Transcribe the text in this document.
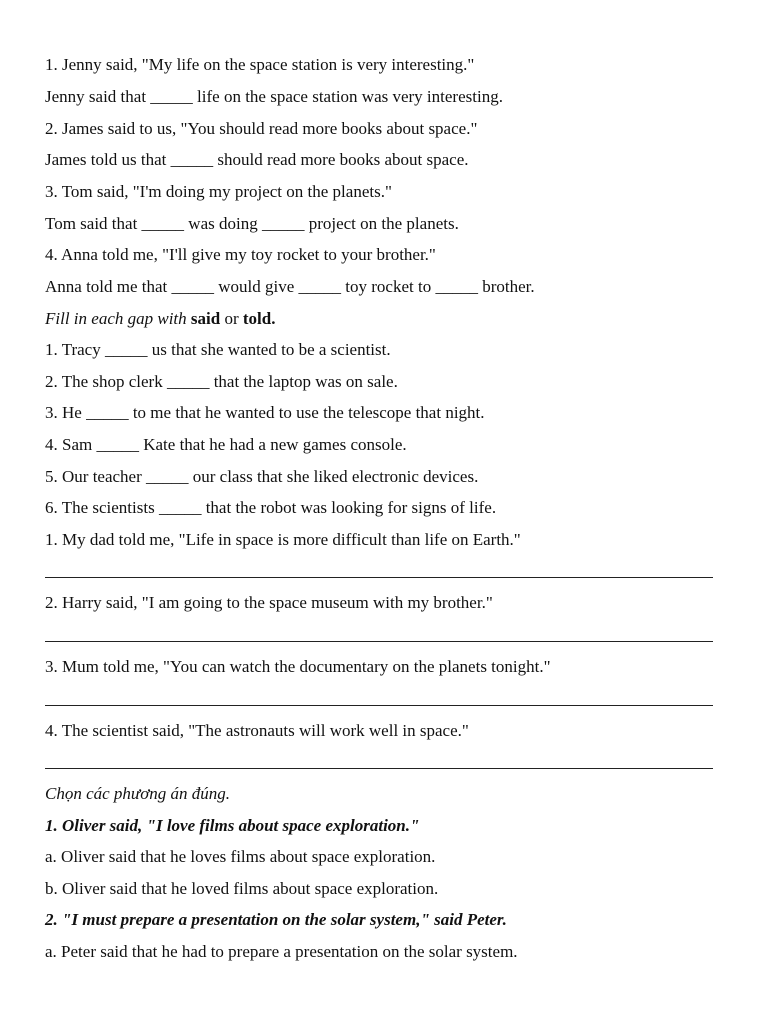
1. Jenny said, "My life on the space station is very interesting."
Jenny said that _____ life on the space station was very interesting.
2. James said to us, "You should read more books about space."
James told us that _____ should read more books about space.
3. Tom said, "I'm doing my project on the planets."
Tom said that _____ was doing _____ project on the planets.
4. Anna told me, "I'll give my toy rocket to your brother."
Anna told me that _____ would give _____ toy rocket to _____ brother.
Fill in each gap with said or told.
1. Tracy _____ us that she wanted to be a scientist.
2. The shop clerk _____ that the laptop was on sale.
3. He _____ to me that he wanted to use the telescope that night.
4. Sam _____ Kate that he had a new games console.
5. Our teacher _____ our class that she liked electronic devices.
6. The scientists _____ that the robot was looking for signs of life.
1. My dad told me, "Life in space is more difficult than life on Earth."
2. Harry said, "I am going to the space museum with my brother."
3. Mum told me, "You can watch the documentary on the planets tonight."
4. The scientist said, "The astronauts will work well in space."
Chọn các phương án đúng.
1. Oliver said, "I love films about space exploration."
a. Oliver said that he loves films about space exploration.
b. Oliver said that he loved films about space exploration.
2. "I must prepare a presentation on the solar system," said Peter.
a. Peter said that he had to prepare a presentation on the solar system.
